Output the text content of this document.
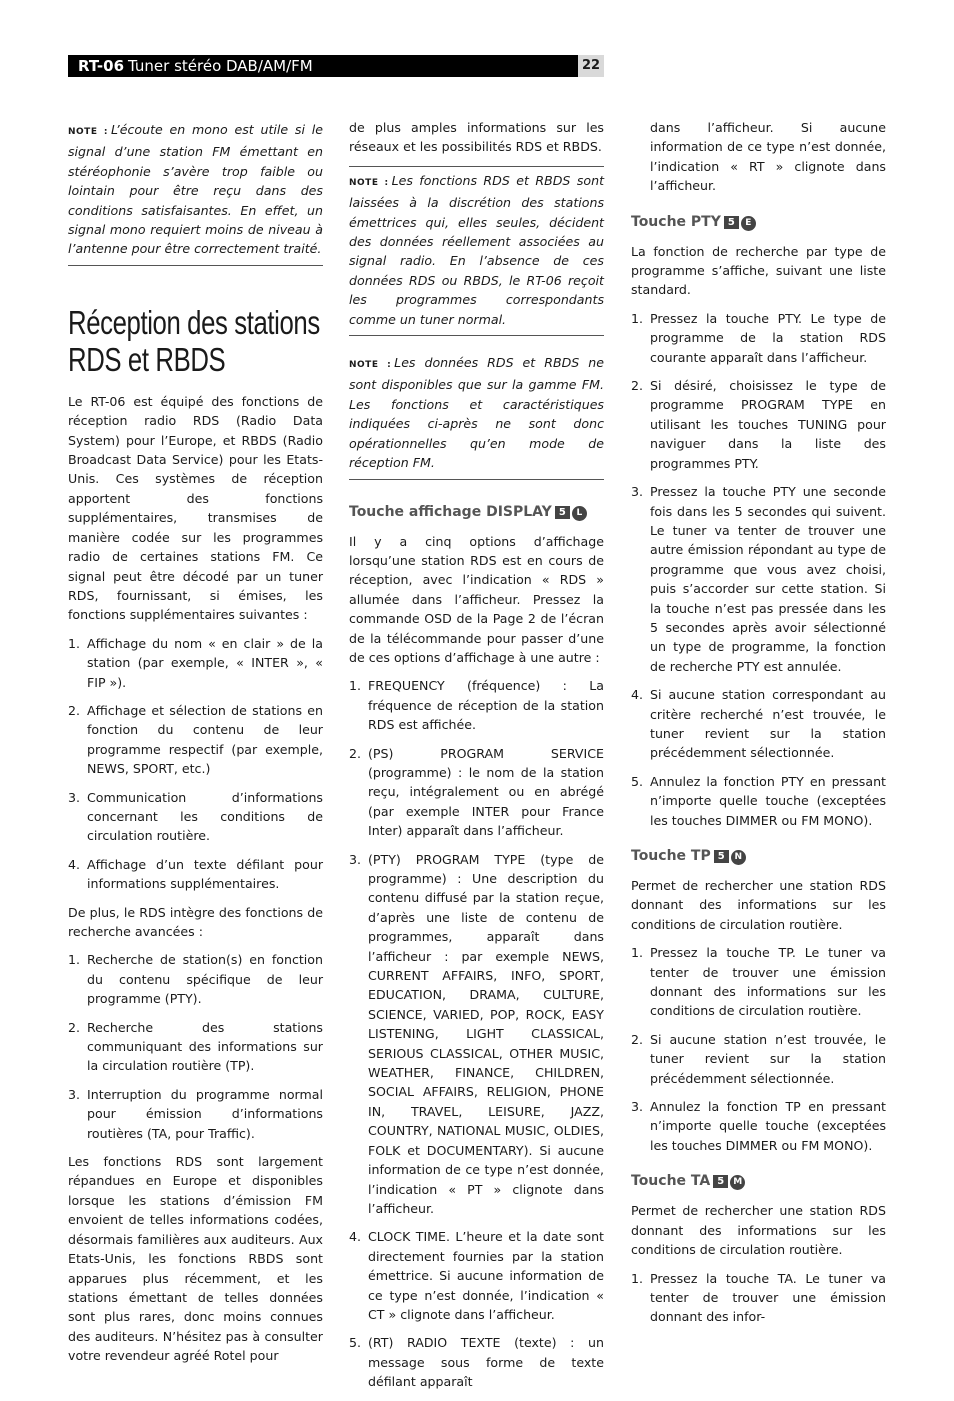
RT-06 Tuner stéréo DAB/AM/FM	22
NOTE : L’écoute en mono est utile si le signal d’une station FM émettant en stéréophonie s’avère trop faible ou lointain pour être reçu dans des conditions satisfaisantes. En effet, un signal mono requiert moins de niveau à l’antenne pour être correctement traité.
Réception des stations
RDS et RBDS

Le RT-06 est équipé des fonctions de réception radio RDS (Radio Data System) pour l’Europe, et RBDS (Radio Broadcast Data Service) pour les Etats-Unis. Ces systèmes de réception apportent des fonctions supplémentaires, transmises de manière codée sur les programmes radio de certaines stations FM. Ce signal peut être décodé par un tuner RDS, fournissant, si émises, les fonctions supplémentaires suivantes :

1. Affichage du nom « en clair » de la station (par exemple, « INTER », « FIP »).
2. Affichage et sélection de stations en fonction du contenu de leur programme respectif (par exemple, NEWS, SPORT, etc.)
3. Communication d’informations concernant les conditions de circulation routière.
4. Affichage d’un texte défilant pour informations supplémentaires.

De plus, le RDS intègre des fonctions de recherche avancées :

1. Recherche de station(s) en fonction du contenu spécifique de leur programme (PTY).
2. Recherche des stations communiquant des informations sur la circulation routière (TP).
3. Interruption du programme normal pour émission d’informations routières (TA, pour Traffic).

Les fonctions RDS sont largement répandues en Europe et disponibles lorsque les stations d’émission FM envoient de telles informations codées, désormais familières aux auditeurs. Aux Etats-Unis, les fonctions RBDS sont apparues plus récemment, et les stations émettant de telles données sont plus rares, donc moins connues des auditeurs. N’hésitez pas à consulter votre revendeur agréé Rotel pour

de plus amples informations sur les réseaux et les possibilités RDS et RBDS.

NOTE : Les fonctions RDS et RBDS sont laissées à la discrétion des stations émettrices qui, elles seules, décident des données réellement associées au signal radio. En l’absence de ces données RDS ou RBDS, le RT-06 reçoit les programmes correspondants comme un tuner normal.
NOTE : Les données RDS et RBDS ne sont disponibles que sur la gamme FM. Les fonctions et caractéristiques indiquées ci-après ne sont donc opérationnelles qu’en mode de réception FM.
Touche affichage DISPLAY 5 L

Il y a cinq options d’affichage lorsqu’une station RDS est en cours de réception, avec l’indication « RDS » allumée dans l’afficheur. Pressez la commande OSD de la Page 2 de l’écran de la télécommande pour passer d’une de ces options d’affichage à une autre :

1. FREQUENCY (fréquence) : La fréquence de réception de la station RDS est affichée.
2. (PS) PROGRAM SERVICE (programme) : le nom de la station reçu, intégralement ou en abrégé (par exemple INTER pour France Inter) apparaît dans l’afficheur.
3. (PTY) PROGRAM TYPE (type de programme) : Une description du contenu diffusé par la station reçue, d’après une liste de contenu de programmes, apparaît dans l’afficheur : par exemple NEWS, CURRENT AFFAIRS, INFO, SPORT, EDUCATION, DRAMA, CULTURE, SCIENCE, VARIED, POP, ROCK, EASY LISTENING, LIGHT CLASSICAL, SERIOUS CLASSICAL, OTHER MUSIC, WEATHER, FINANCE, CHILDREN, SOCIAL AFFAIRS, RELIGION, PHONE IN, TRAVEL, LEISURE, JAZZ, COUNTRY, NATIONAL MUSIC, OLDIES, FOLK et DOCUMENTARY). Si aucune information de ce type n’est donnée, l’indication « PT » clignote dans l’afficheur.
4. CLOCK TIME. L’heure et la date sont directement fournies par la station émettrice. Si aucune information de ce type n’est donnée, l’indication « CT » clignote dans l’afficheur.
5. (RT) RADIO TEXTE (texte) : un message sous forme de texte défilant apparaît
dans l’afficheur. Si aucune information de ce type n’est donnée, l’indication « RT » clignote dans l’afficheur.
Touche PTY 5 E

La fonction de recherche par type de programme s’affiche, suivant une liste standard.

1. Pressez la touche PTY. Le type de programme de la station RDS courante apparaît dans l’afficheur.
2. Si désiré, choisissez le type de programme PROGRAM TYPE en utilisant les touches TUNING pour naviguer dans la liste des programmes PTY.
3. Pressez la touche PTY une seconde fois dans les 5 secondes qui suivent. Le tuner va tenter de trouver une autre émission répondant au type de programme que vous avez choisi, puis s’accorder sur cette station. Si la touche n’est pas pressée dans les 5 secondes après avoir sélectionné un type de programme, la fonction de recherche PTY est annulée.
4. Si aucune station correspondant au critère recherché n’est trouvée, le tuner revient sur la station précédemment sélectionnée.
5. Annulez la fonction PTY en pressant n’importe quelle touche (exceptées les touches DIMMER ou FM MONO).
Touche TP 5 N

Permet de rechercher une station RDS donnant des informations sur les conditions de circulation routière.

1. Pressez la touche TP. Le tuner va tenter de trouver une émission donnant des informations sur les conditions de circulation routière.
2. Si aucune station n’est trouvée, le tuner revient sur la station précédemment sélectionnée.
3. Annulez la fonction TP en pressant n’importe quelle touche (exceptées les touches DIMMER ou FM MONO).
Touche TA 5 M

Permet de rechercher une station RDS donnant des informations sur les conditions de circulation routière.

1. Pressez la touche TA. Le tuner va tenter de trouver une émission donnant des infor-
